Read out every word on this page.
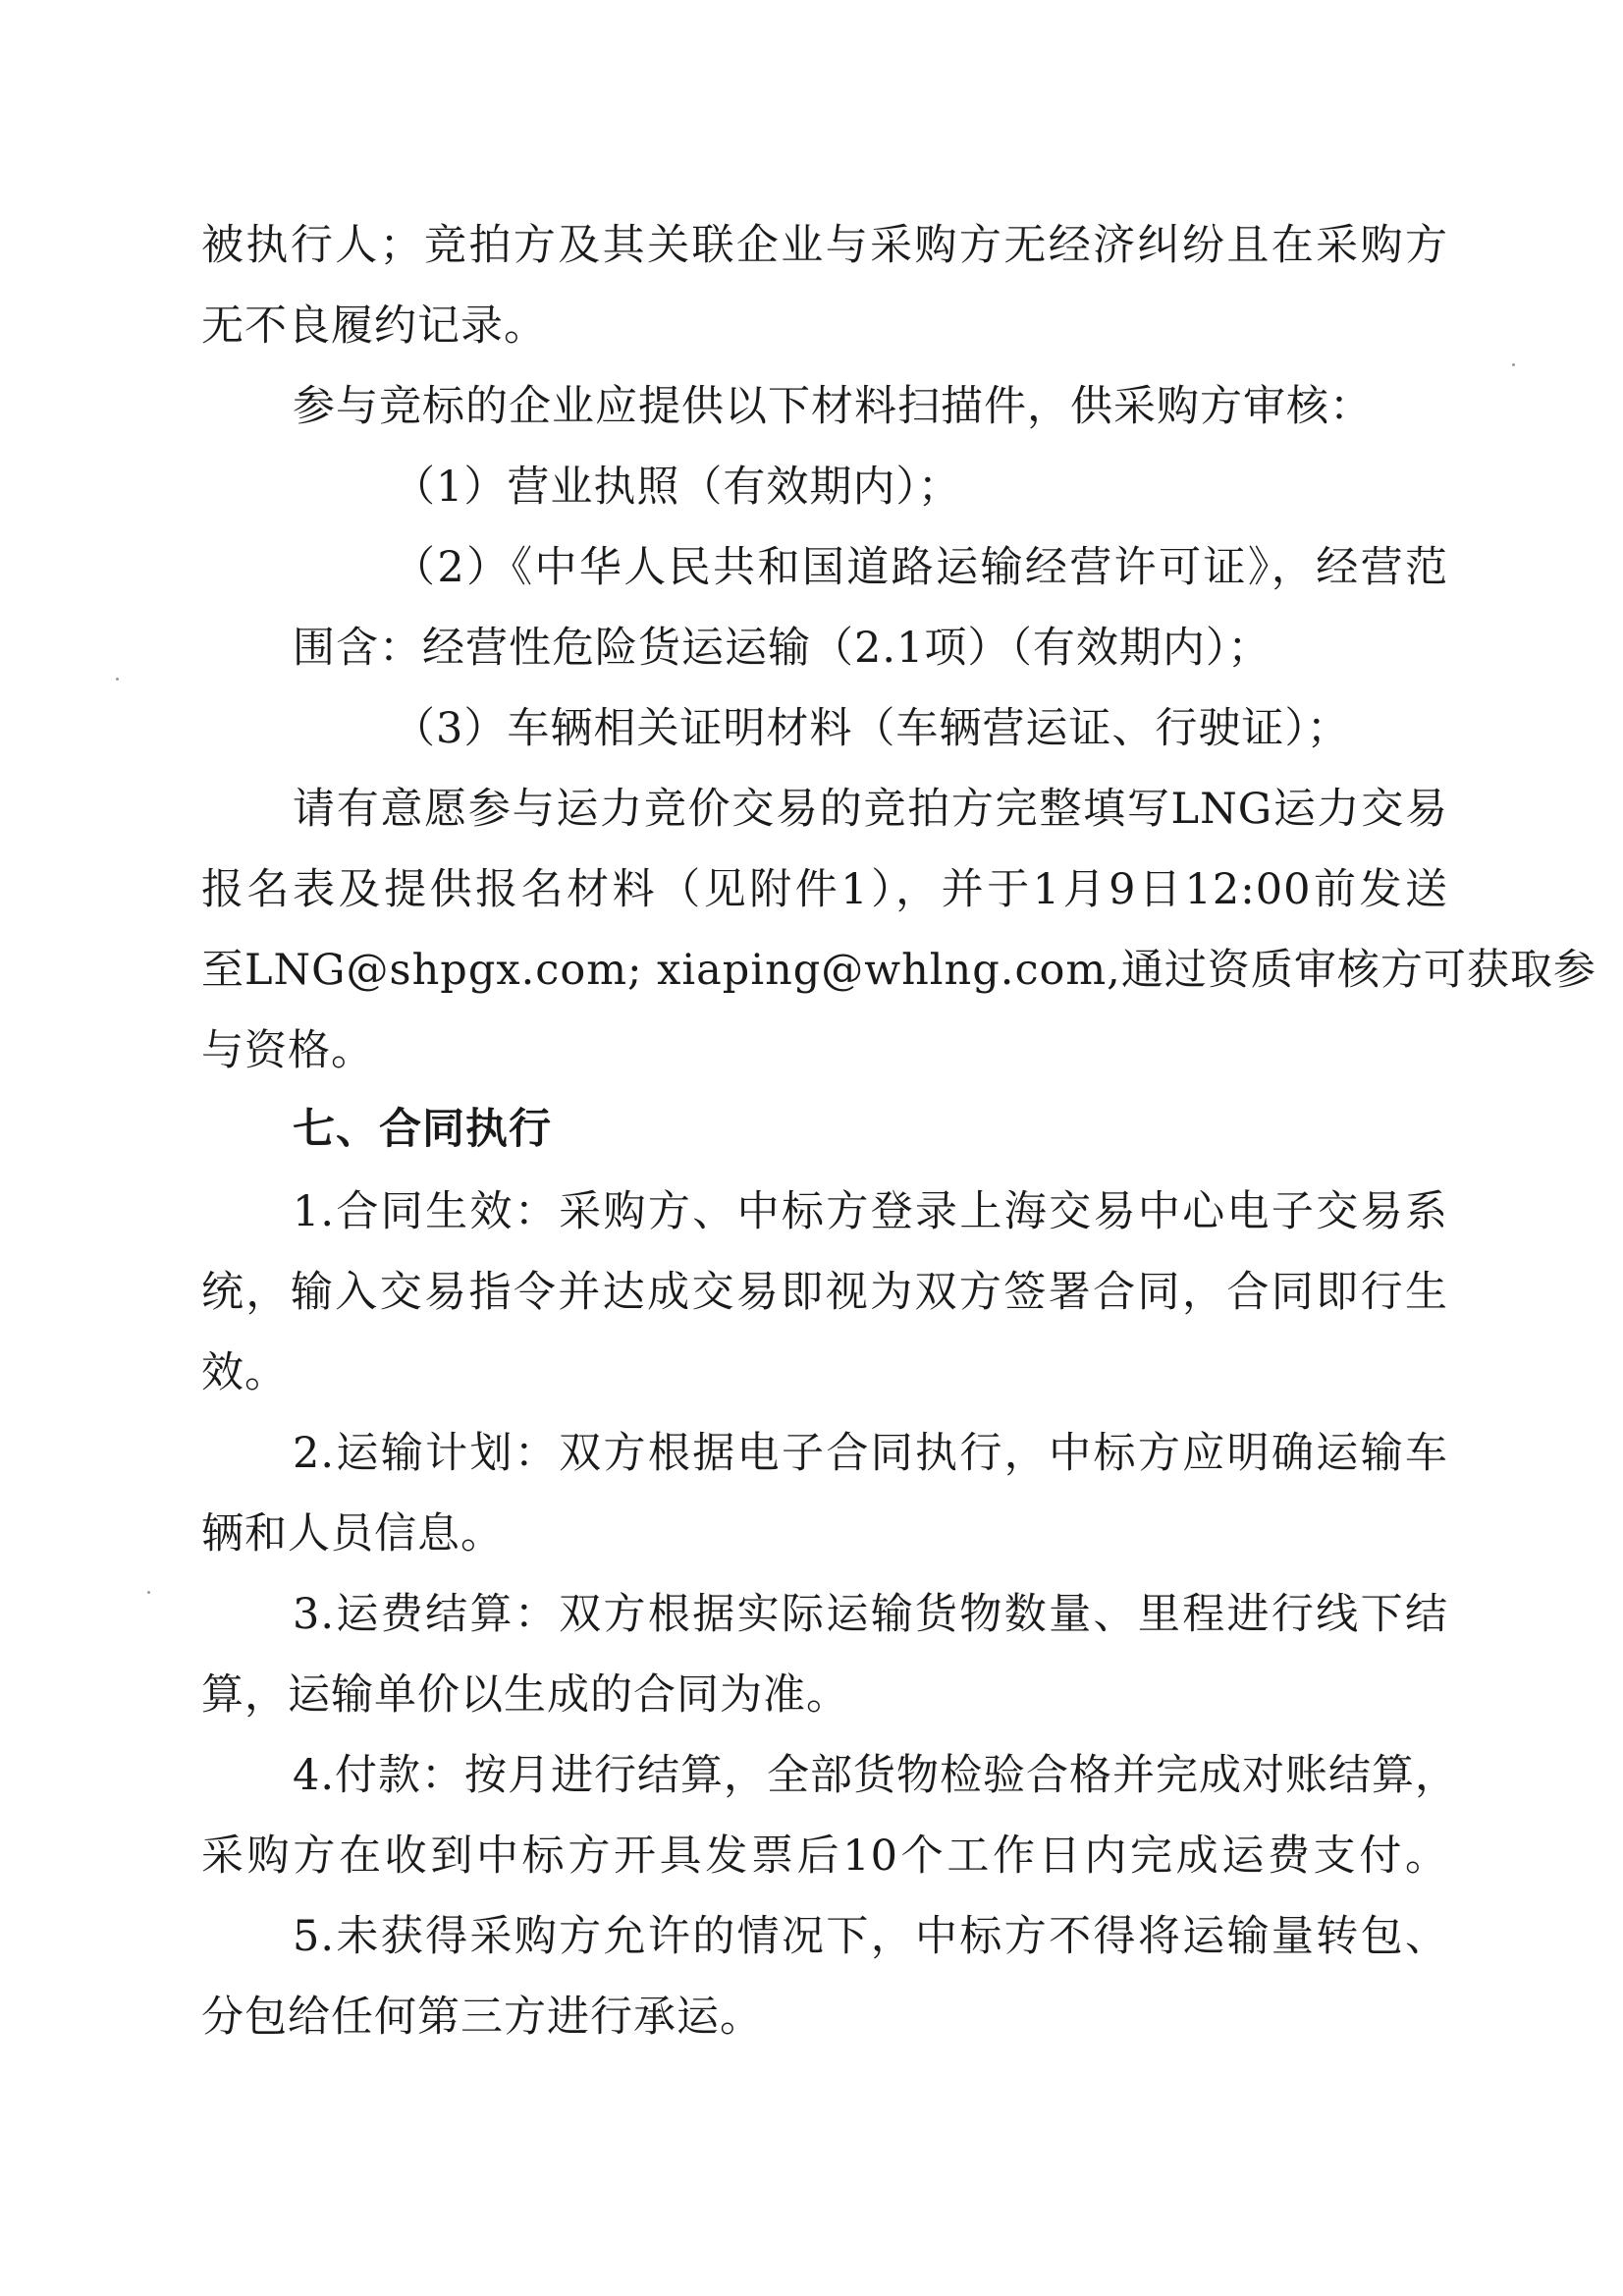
被执行人；竞拍方及其关联企业与采购方无经济纠纷且在采购方
无不良履约记录。
参与竞标的企业应提供以下材料扫描件，供采购方审核：
（1）营业执照（有效期内）；
（2）《中华人民共和国道路运输经营许可证》，经营范
围含：经营性危险货运运输（2.1项）（有效期内）；
（3）车辆相关证明材料（车辆营运证、行驶证）；
请有意愿参与运力竞价交易的竞拍方完整填写LNG运力交易
报名表及提供报名材料（见附件1），并于1月9日12:00前发送
至LNG@shpgx.com; xiaping@whlng.com,通过资质审核方可获取参
与资格。
七、合同执行
1.合同生效：采购方、中标方登录上海交易中心电子交易系
统，输入交易指令并达成交易即视为双方签署合同，合同即行生
效。
2.运输计划：双方根据电子合同执行，中标方应明确运输车
辆和人员信息。
3.运费结算：双方根据实际运输货物数量、里程进行线下结
算，运输单价以生成的合同为准。
4.付款：按月进行结算，全部货物检验合格并完成对账结算，
采购方在收到中标方开具发票后10个工作日内完成运费支付。
5.未获得采购方允许的情况下，中标方不得将运输量转包、
分包给任何第三方进行承运。
